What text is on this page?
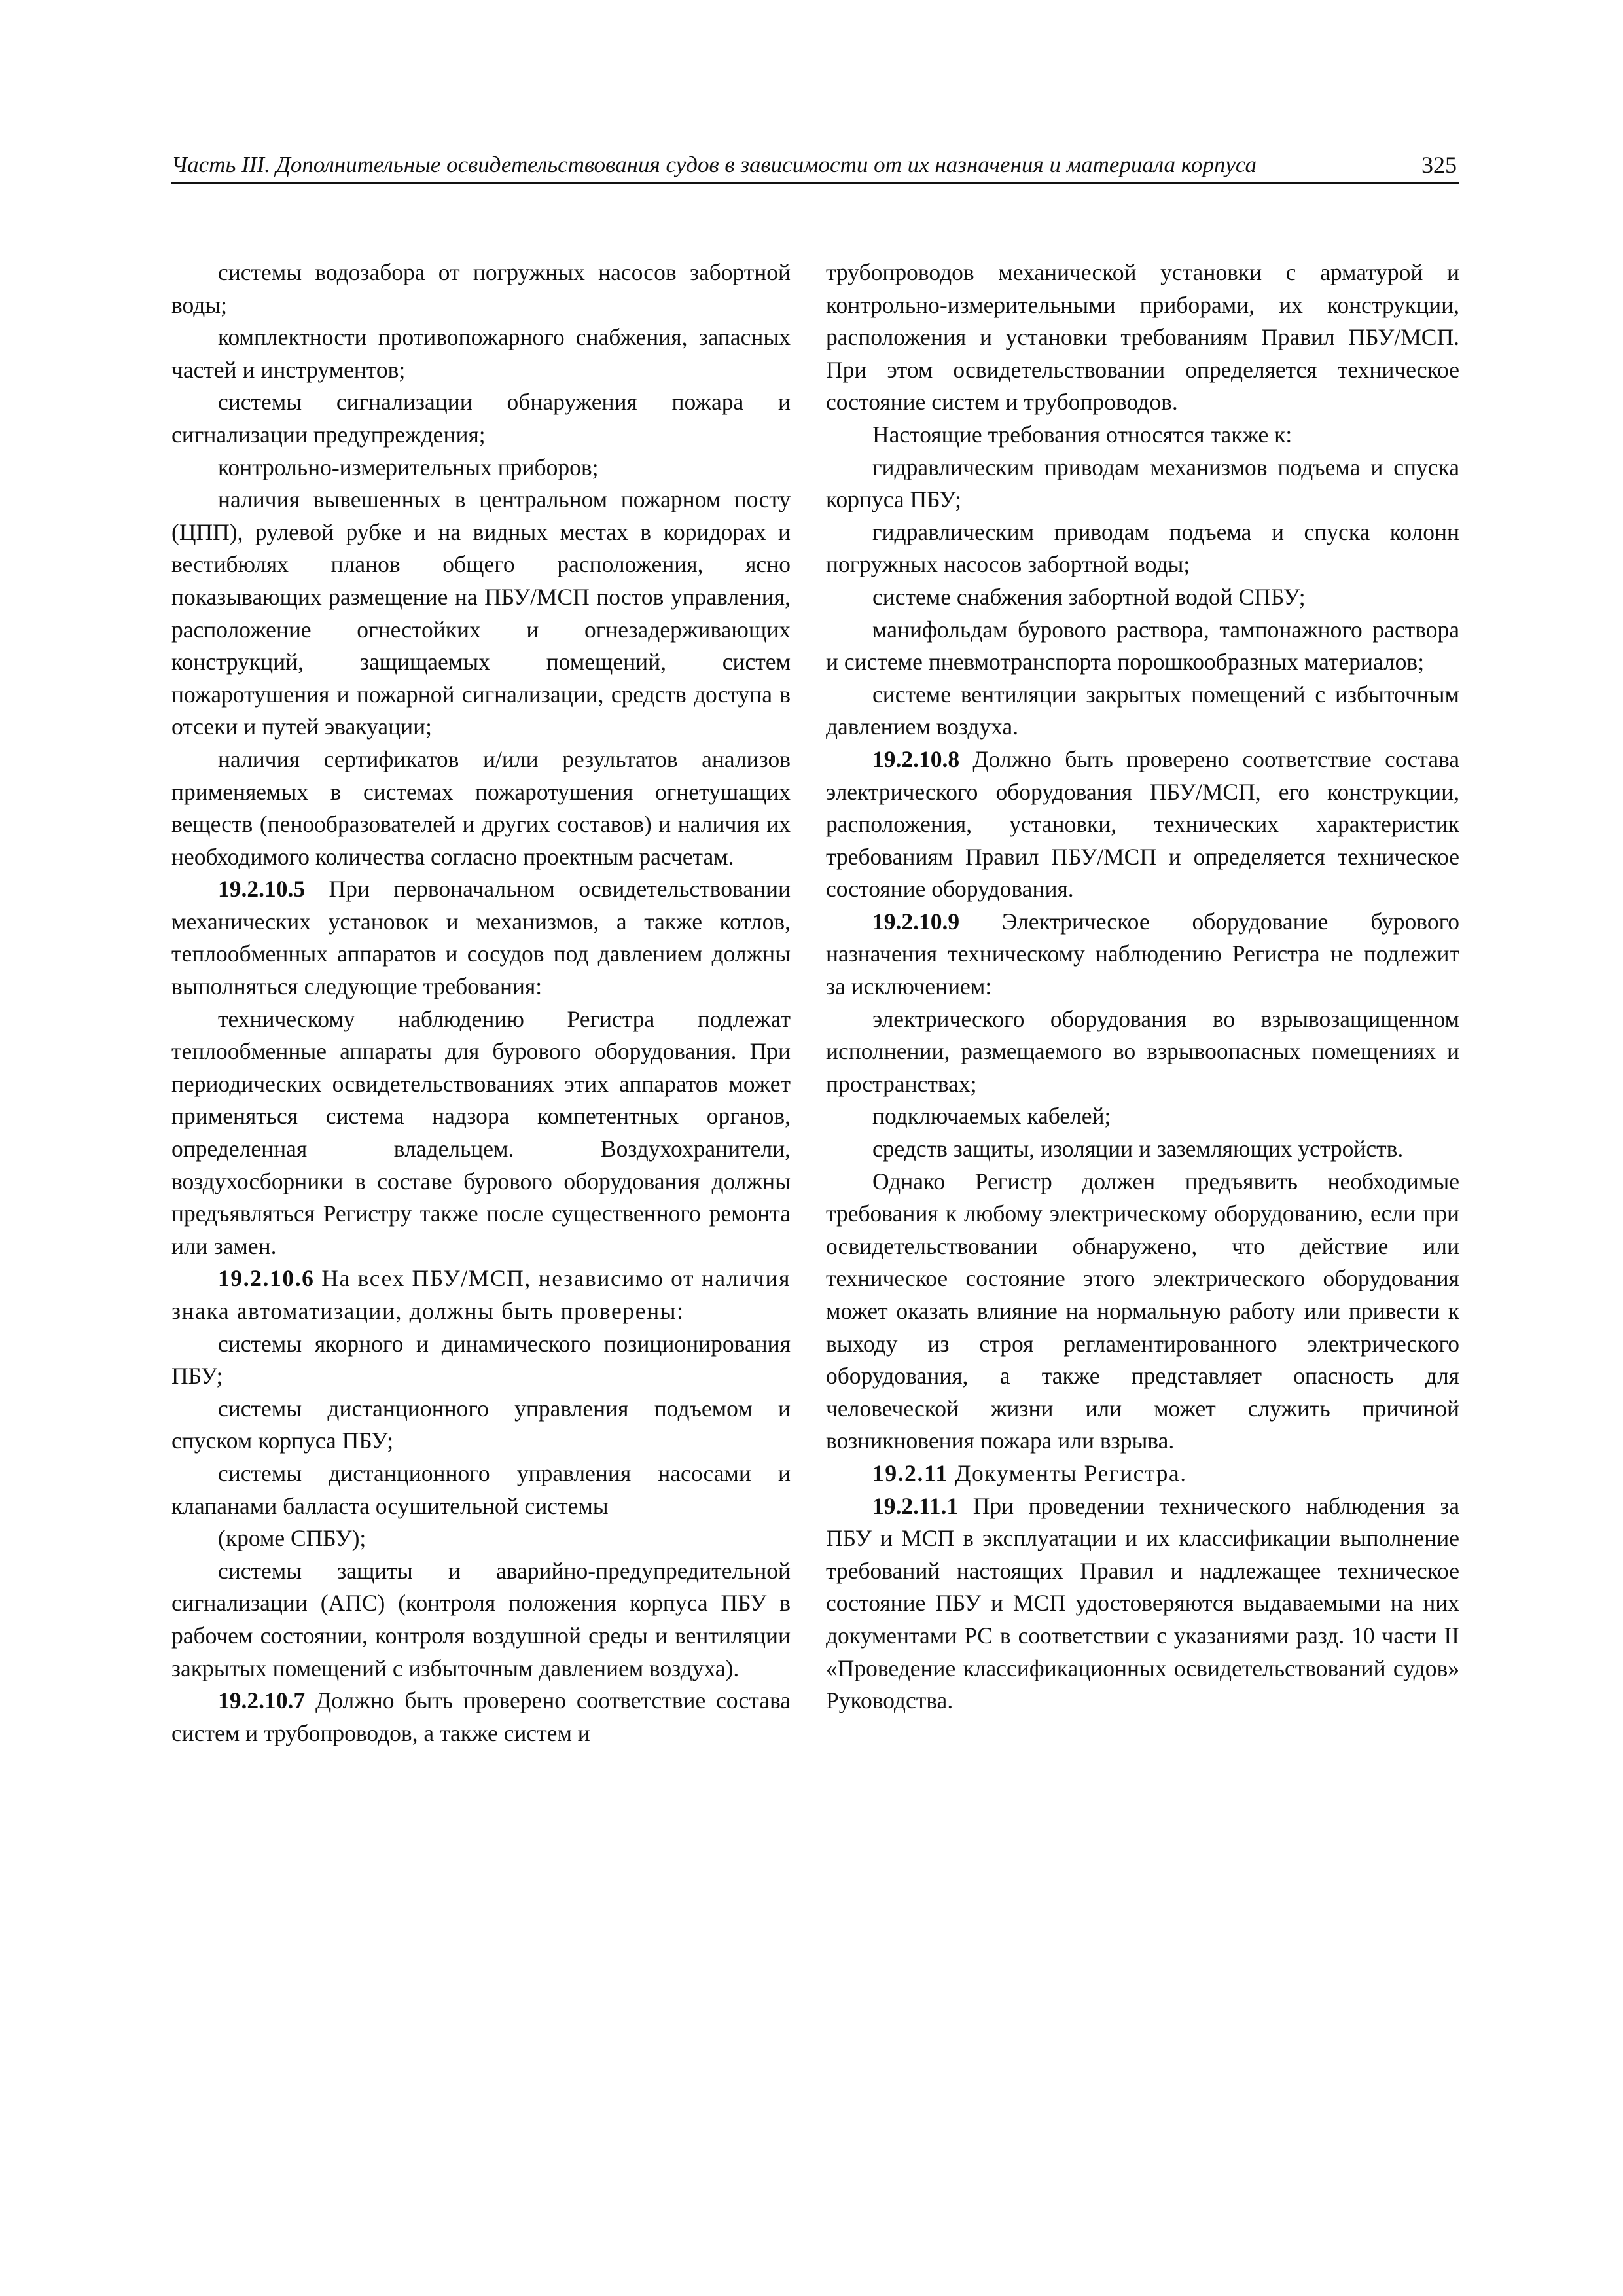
Часть III. Дополнительные освидетельствования судов в зависимости от их назначения и материала корпуса	325

системы водозабора от погружных насосов забортной воды;

комплектности противопожарного снабжения, запасных частей и инструментов;

системы сигнализации обнаружения пожара и сигнализации предупреждения;

контрольно-измерительных приборов;

наличия вывешенных в центральном пожарном посту (ЦПП), рулевой рубке и на видных местах в коридорах и вестибюлях планов общего расположения, ясно показывающих размещение на ПБУ/МСП постов управления, расположение огнестойких и огнезадерживающих конструкций, защищаемых помещений, систем пожаротушения и пожарной сигнализации, средств доступа в отсеки и путей эвакуации;

наличия сертификатов и/или результатов анализов применяемых в системах пожаротушения огнетушащих веществ (пенообразователей и других составов) и наличия их необходимого количества согласно проектным расчетам.

19.2.10.5 При первоначальном освидетельствовании механических установок и механизмов, а также котлов, теплообменных аппаратов и сосудов под давлением должны выполняться следующие требования:

техническому наблюдению Регистра подлежат теплообменные аппараты для бурового оборудования. При периодических освидетельствованиях этих аппаратов может применяться система надзора компетентных органов, определенная владельцем. Воздухохранители, воздухосборники в составе бурового оборудования должны предъявляться Регистру также после существенного ремонта или замен.

19.2.10.6 На всех ПБУ/МСП, независимо от наличия знака автоматизации, должны быть проверены:

системы якорного и динамического позиционирования ПБУ;

системы дистанционного управления подъемом и спуском корпуса ПБУ;

системы дистанционного управления насосами и клапанами балласта осушительной системы

(кроме СПБУ);

системы защиты и аварийно-предупредительной сигнализации (АПС) (контроля положения корпуса ПБУ в рабочем состоянии, контроля воздушной среды и вентиляции закрытых помещений с избыточным давлением воздуха).

19.2.10.7 Должно быть проверено соответствие состава систем и трубопроводов, а также систем и

трубопроводов механической установки с арматурой и контрольно-измерительными приборами, их конструкции, расположения и установки требованиям Правил ПБУ/МСП. При этом освидетельствовании определяется техническое состояние систем и трубопроводов.

Настоящие требования относятся также к:

гидравлическим приводам механизмов подъема и спуска корпуса ПБУ;

гидравлическим приводам подъема и спуска колонн погружных насосов забортной воды;

системе снабжения забортной водой СПБУ;

манифольдам бурового раствора, тампонажного раствора и системе пневмотранспорта порошкообразных материалов;

системе вентиляции закрытых помещений с избыточным давлением воздуха.

19.2.10.8 Должно быть проверено соответствие состава электрического оборудования ПБУ/МСП, его конструкции, расположения, установки, технических характеристик требованиям Правил ПБУ/МСП и определяется техническое состояние оборудования.

19.2.10.9 Электрическое оборудование бурового назначения техническому наблюдению Регистра не подлежит за исключением:

электрического оборудования во взрывозащищенном исполнении, размещаемого во взрывоопасных помещениях и пространствах;

подключаемых кабелей;

средств защиты, изоляции и заземляющих устройств.

Однако Регистр должен предъявить необходимые требования к любому электрическому оборудованию, если при освидетельствовании обнаружено, что действие или техническое состояние этого электрического оборудования может оказать влияние на нормальную работу или привести к выходу из строя регламентированного электрического оборудования, а также представляет опасность для человеческой жизни или может служить причиной возникновения пожара или взрыва.

19.2.11 Документы Регистра.

19.2.11.1 При проведении технического наблюдения за ПБУ и МСП в эксплуатации и их классификации выполнение требований настоящих Правил и надлежащее техническое состояние ПБУ и МСП удостоверяются выдаваемыми на них документами РС в соответствии с указаниями разд. 10 части II «Проведение классификационных освидетельствований судов» Руководства.
